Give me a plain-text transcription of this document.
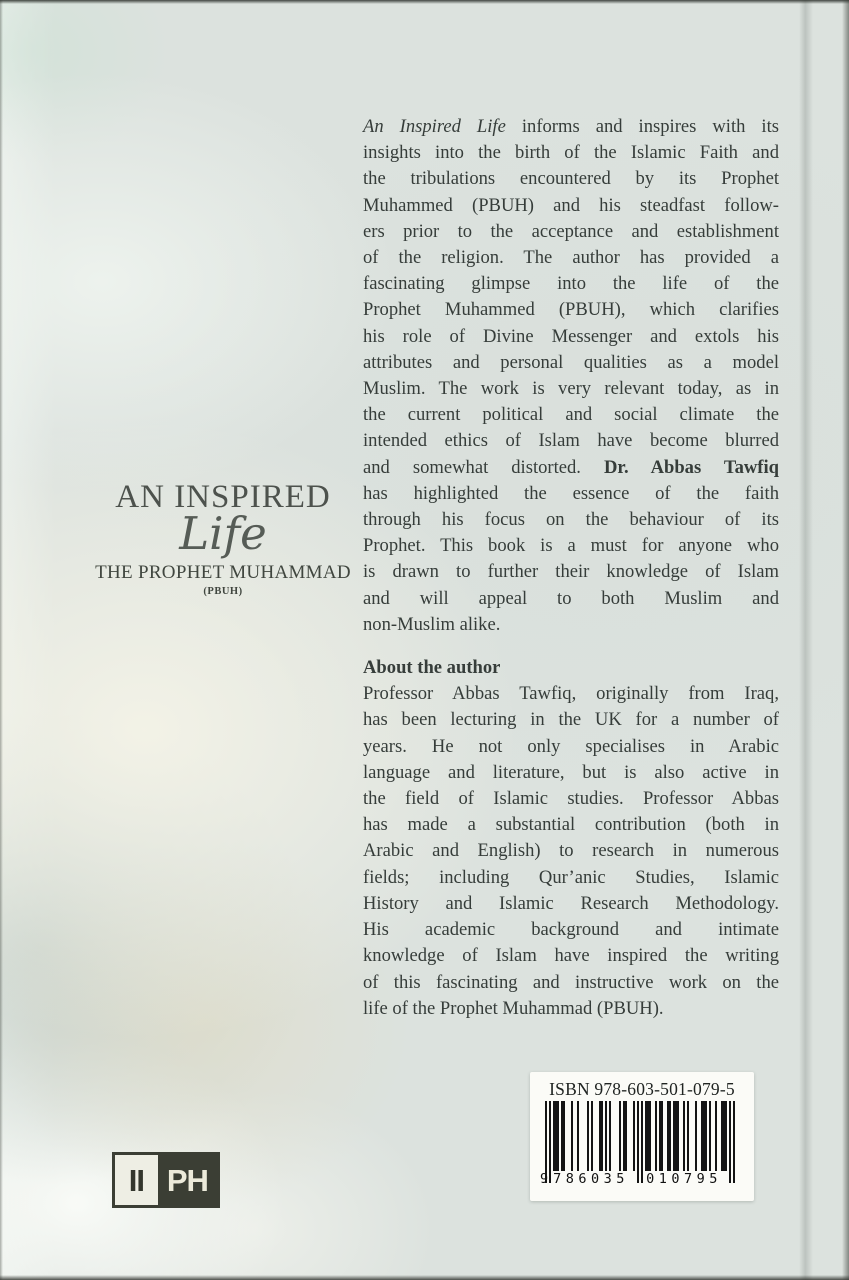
AN INSPIRED
Life
THE PROPHET MUHAMMAD
(PBUH)
An Inspired Life informs and inspires with its
insights into the birth of the Islamic Faith and
the tribulations encountered by its Prophet
Muhammed (PBUH) and his steadfast follow-
ers prior to the acceptance and establishment
of the religion. The author has provided a
fascinating glimpse into the life of the
Prophet Muhammed (PBUH), which clarifies
his role of Divine Messenger and extols his
attributes and personal qualities as a model
Muslim. The work is very relevant today, as in
the current political and social climate the
intended ethics of Islam have become blurred
and somewhat distorted. Dr. Abbas Tawfiq
has highlighted the essence of the faith
through his focus on the behaviour of its
Prophet. This book is a must for anyone who
is drawn to further their knowledge of Islam
and will appeal to both Muslim and
non-Muslim alike.
About the author
Professor Abbas Tawfiq, originally from Iraq,
has been lecturing in the UK for a number of
years. He not only specialises in Arabic
language and literature, but is also active in
the field of Islamic studies. Professor Abbas
has made a substantial contribution (both in
Arabic and English) to research in numerous
fields; including Qur’anic Studies, Islamic
History and Islamic Research Methodology.
His academic background and intimate
knowledge of Islam have inspired the writing
of this fascinating and instructive work on the
life of the Prophet Muhammad (PBUH).
ISBN 978-603-501-079-5
9 786035	010795
II PH
